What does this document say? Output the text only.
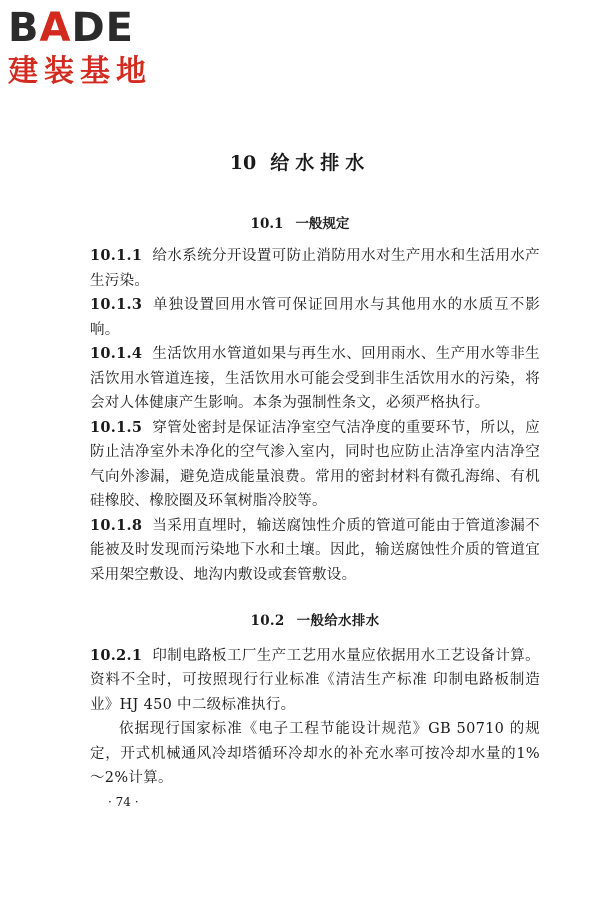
BADE
建装基地
10 给水排水
10.1 一般规定

10.1.1 给水系统分开设置可防止消防用水对生产用水和生活用水产生污染。

10.1.3 单独设置回用水管可保证回用水与其他用水的水质互不影响。

10.1.4 生活饮用水管道如果与再生水、回用雨水、生产用水等非生活饮用水管道连接，生活饮用水可能会受到非生活饮用水的污染，将会对人体健康产生影响。本条为强制性条文，必须严格执行。

10.1.5 穿管处密封是保证洁净室空气洁净度的重要环节，所以，应防止洁净室外未净化的空气渗入室内，同时也应防止洁净室内洁净空气向外渗漏，避免造成能量浪费。常用的密封材料有微孔海绵、有机硅橡胶、橡胶圈及环氧树脂冷胶等。

10.1.8 当采用直埋时，输送腐蚀性介质的管道可能由于管道渗漏不能被及时发现而污染地下水和土壤。因此，输送腐蚀性介质的管道宜采用架空敷设、地沟内敷设或套管敷设。

10.2 一般给水排水

10.2.1 印制电路板工厂生产工艺用水量应依据用水工艺设备计算。资料不全时，可按照现行行业标准《清洁生产标准 印制电路板制造业》HJ 450 中二级标准执行。

依据现行国家标准《电子工程节能设计规范》GB 50710 的规定，开式机械通风冷却塔循环冷却水的补充水率可按冷却水量的1%～2%计算。

· 74 ·
